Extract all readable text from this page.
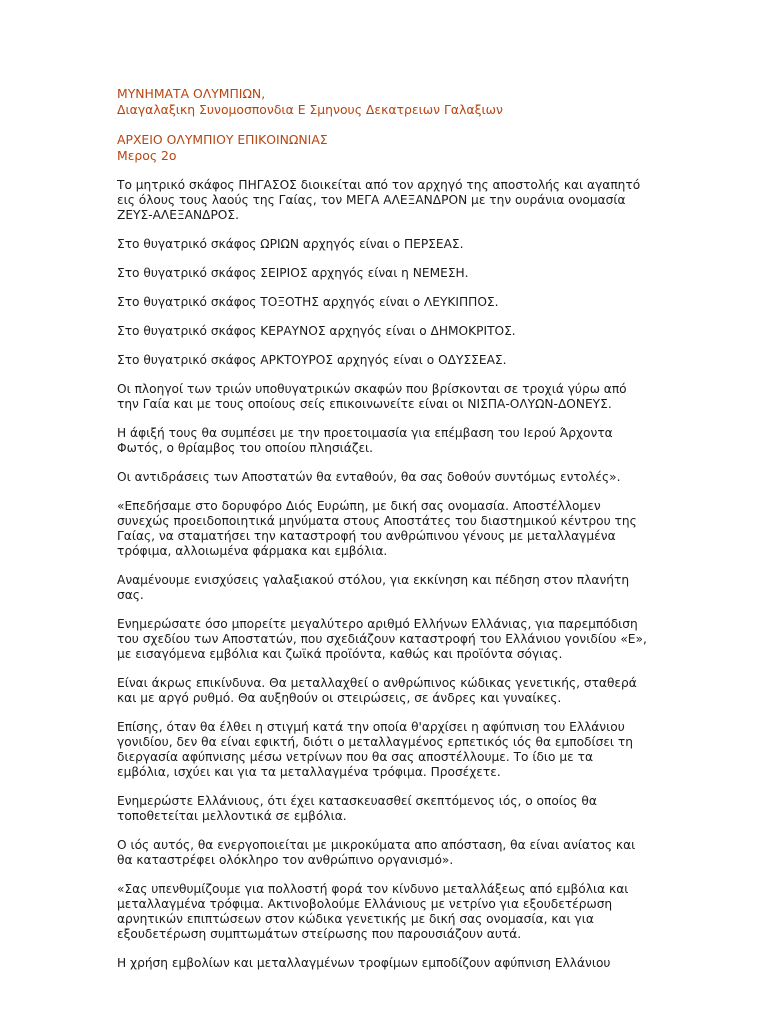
ΜΥΝΗΜΑΤΑ ΟΛΥΜΠΙΩΝ,

Διαγαλαξικη Συνομοσπονδια Ε Σμηνους Δεκατρειων Γαλαξιων

ΑΡΧΕΙΟ ΟΛΥΜΠΙΟΥ ΕΠΙΚΟΙΝΩΝΙΑΣ

Μερος 2ο

Το μητρικό σκάφος ΠΗΓΑΣΟΣ διοικείται από τον αρχηγό της αποστολής και αγαπητό εις όλους τους λαούς της Γαίας, τον ΜΕΓΑ ΑΛΕΞΑΝΔΡΟΝ με την ουράνια ονομασία ΖΕΥΣ-ΑΛΕΞΑΝΔΡΟΣ.

Στο θυγατρικό σκάφος ΩΡΙΩΝ αρχηγός είναι ο ΠΕΡΣΕΑΣ.

Στο θυγατρικό σκάφος ΣΕΙΡΙΟΣ αρχηγός είναι η ΝΕΜΕΣΗ.

Στο θυγατρικό σκάφος ΤΟΞΟΤΗΣ αρχηγός είναι ο ΛΕΥΚΙΠΠΟΣ.

Στο θυγατρικό σκάφος ΚΕΡΑΥΝΟΣ αρχηγός είναι ο ΔΗΜΟΚΡΙΤΟΣ.

Στο θυγατρικό σκάφος ΑΡΚΤΟΥΡΟΣ αρχηγός είναι ο ΟΔΥΣΣΕΑΣ.

Οι πλοηγοί των τριών υποθυγατρικών σκαφών που βρίσκονται σε τροχιά γύρω από την Γαία και με τους οποίους σείς επικοινωνείτε είναι οι ΝΙΣΠΑ-ΟΛΥΩΝ-ΔΟΝΕΥΣ.

Η άφιξή τους θα συμπέσει με την προετοιμασία για επέμβαση του Ιερού Άρχοντα Φωτός, ο θρίαμβος του οποίου πλησιάζει.

Οι αντιδράσεις των Αποστατών θα ενταθούν, θα σας δοθούν συντόμως εντολές».

«Επεδήσαμε στο δορυφόρο Διός Ευρώπη, με δική σας ονομασία. Αποστέλλομεν συνεχώς προειδοποιητικά μηνύματα στους Αποστάτες του διαστημικού κέντρου της Γαίας, να σταματήσει την καταστροφή του ανθρώπινου γένους με μεταλλαγμένα τρόφιμα, αλλοιωμένα φάρμακα και εμβόλια.

Αναμένουμε ενισχύσεις γαλαξιακού στόλου, για εκκίνηση και πέδηση στον πλανήτη σας.

Ενημερώσατε όσο μπορείτε μεγαλύτερο αριθμό Ελλήνων Ελλάνιας, για παρεμπόδιση του σχεδίου των Αποστατών, που σχεδιάζουν καταστροφή του Ελλάνιου γονιδίου «Ε», με εισαγόμενα εμβόλια και ζωϊκά προϊόντα, καθώς και προϊόντα σόγιας.

Είναι άκρως επικίνδυνα. Θα μεταλλαχθεί ο ανθρώπινος κώδικας γενετικής, σταθερά και με αργό ρυθμό. Θα αυξηθούν οι στειρώσεις, σε άνδρες και γυναίκες.

Επίσης, όταν θα έλθει η στιγμή κατά την οποία θ'αρχίσει η αφύπνιση του Ελλάνιου γονιδίου, δεν θα είναι εφικτή, διότι ο μεταλλαγμένος ερπετικός ιός θα εμποδίσει τη διεργασία αφύπνισης μέσω νετρίνων που θα σας αποστέλλουμε. Το ίδιο με τα εμβόλια, ισχύει και για τα μεταλλαγμένα τρόφιμα. Προσέχετε.

Ενημερώστε Ελλάνιους, ότι έχει κατασκευασθεί σκεπτόμενος ιός, ο οποίος θα τοποθετείται μελλοντικά σε εμβόλια.

Ο ιός αυτός, θα ενεργοποιείται με μικροκύματα απο απόσταση, θα είναι ανίατος και θα καταστρέφει ολόκληρο τον ανθρώπινο οργανισμό».

«Σας υπενθυμίζουμε για πολλοστή φορά τον κίνδυνο μεταλλάξεως από εμβόλια και μεταλλαγμένα τρόφιμα. Ακτινοβολούμε Ελλάνιους με νετρίνο για εξουδετέρωση αρνητικών επιπτώσεων στον κώδικα γενετικής με δική σας ονομασία, και για εξουδετέρωση συμπτωμάτων στείρωσης που παρουσιάζουν αυτά.

Η χρήση εμβολίων και μεταλλαγμένων τροφίμων εμποδίζουν αφύπνιση Ελλάνιου
